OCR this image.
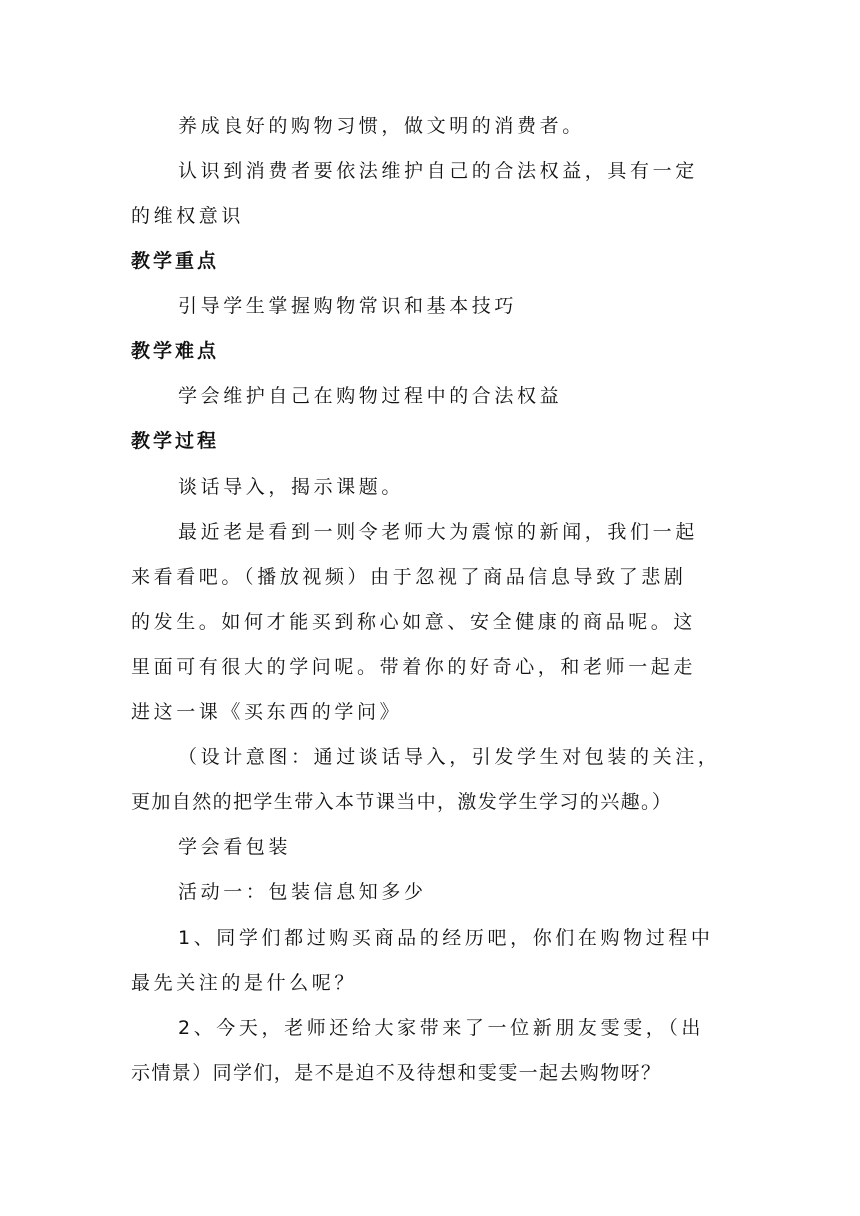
养成良好的购物习惯，做文明的消费者。
认识到消费者要依法维护自己的合法权益，具有一定
的维权意识
教学重点
引导学生掌握购物常识和基本技巧
教学难点
学会维护自己在购物过程中的合法权益
教学过程
谈话导入，揭示课题。
最近老是看到一则令老师大为震惊的新闻，我们一起
来看看吧。（播放视频）由于忽视了商品信息导致了悲剧
的发生。如何才能买到称心如意、安全健康的商品呢。这
里面可有很大的学问呢。带着你的好奇心，和老师一起走
进这一课《买东西的学问》
（设计意图：通过谈话导入，引发学生对包装的关注，
更加自然的把学生带入本节课当中，激发学生学习的兴趣。）
学会看包装
活动一：包装信息知多少
1、同学们都过购买商品的经历吧，你们在购物过程中
最先关注的是什么呢？
2、今天，老师还给大家带来了一位新朋友雯雯，（出
示情景）同学们，是不是迫不及待想和雯雯一起去购物呀？
